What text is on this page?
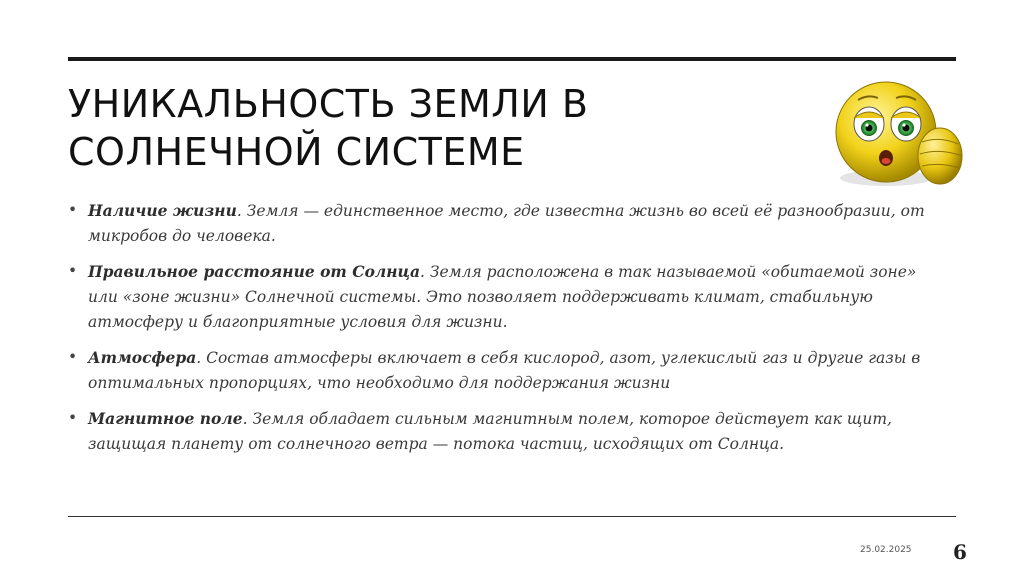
УНИКАЛЬНОСТЬ ЗЕМЛИ В СОЛНЕЧНОЙ СИСТЕМЕ
• Наличие жизни. Земля — единственное место, где известна жизнь во всей её разнообразии, от микробов до человека.
• Правильное расстояние от Солнца. Земля расположена в так называемой «обитаемой зоне» или «зоне жизни» Солнечной системы. Это позволяет поддерживать климат, стабильную атмосферу и благоприятные условия для жизни.
• Атмосфера. Состав атмосферы включает в себя кислород, азот, углекислый газ и другие газы в оптимальных пропорциях, что необходимо для поддержания жизни
• Магнитное поле. Земля обладает сильным магнитным полем, которое действует как щит, защищая планету от солнечного ветра — потока частиц, исходящих от Солнца.
25.02.2025 6
